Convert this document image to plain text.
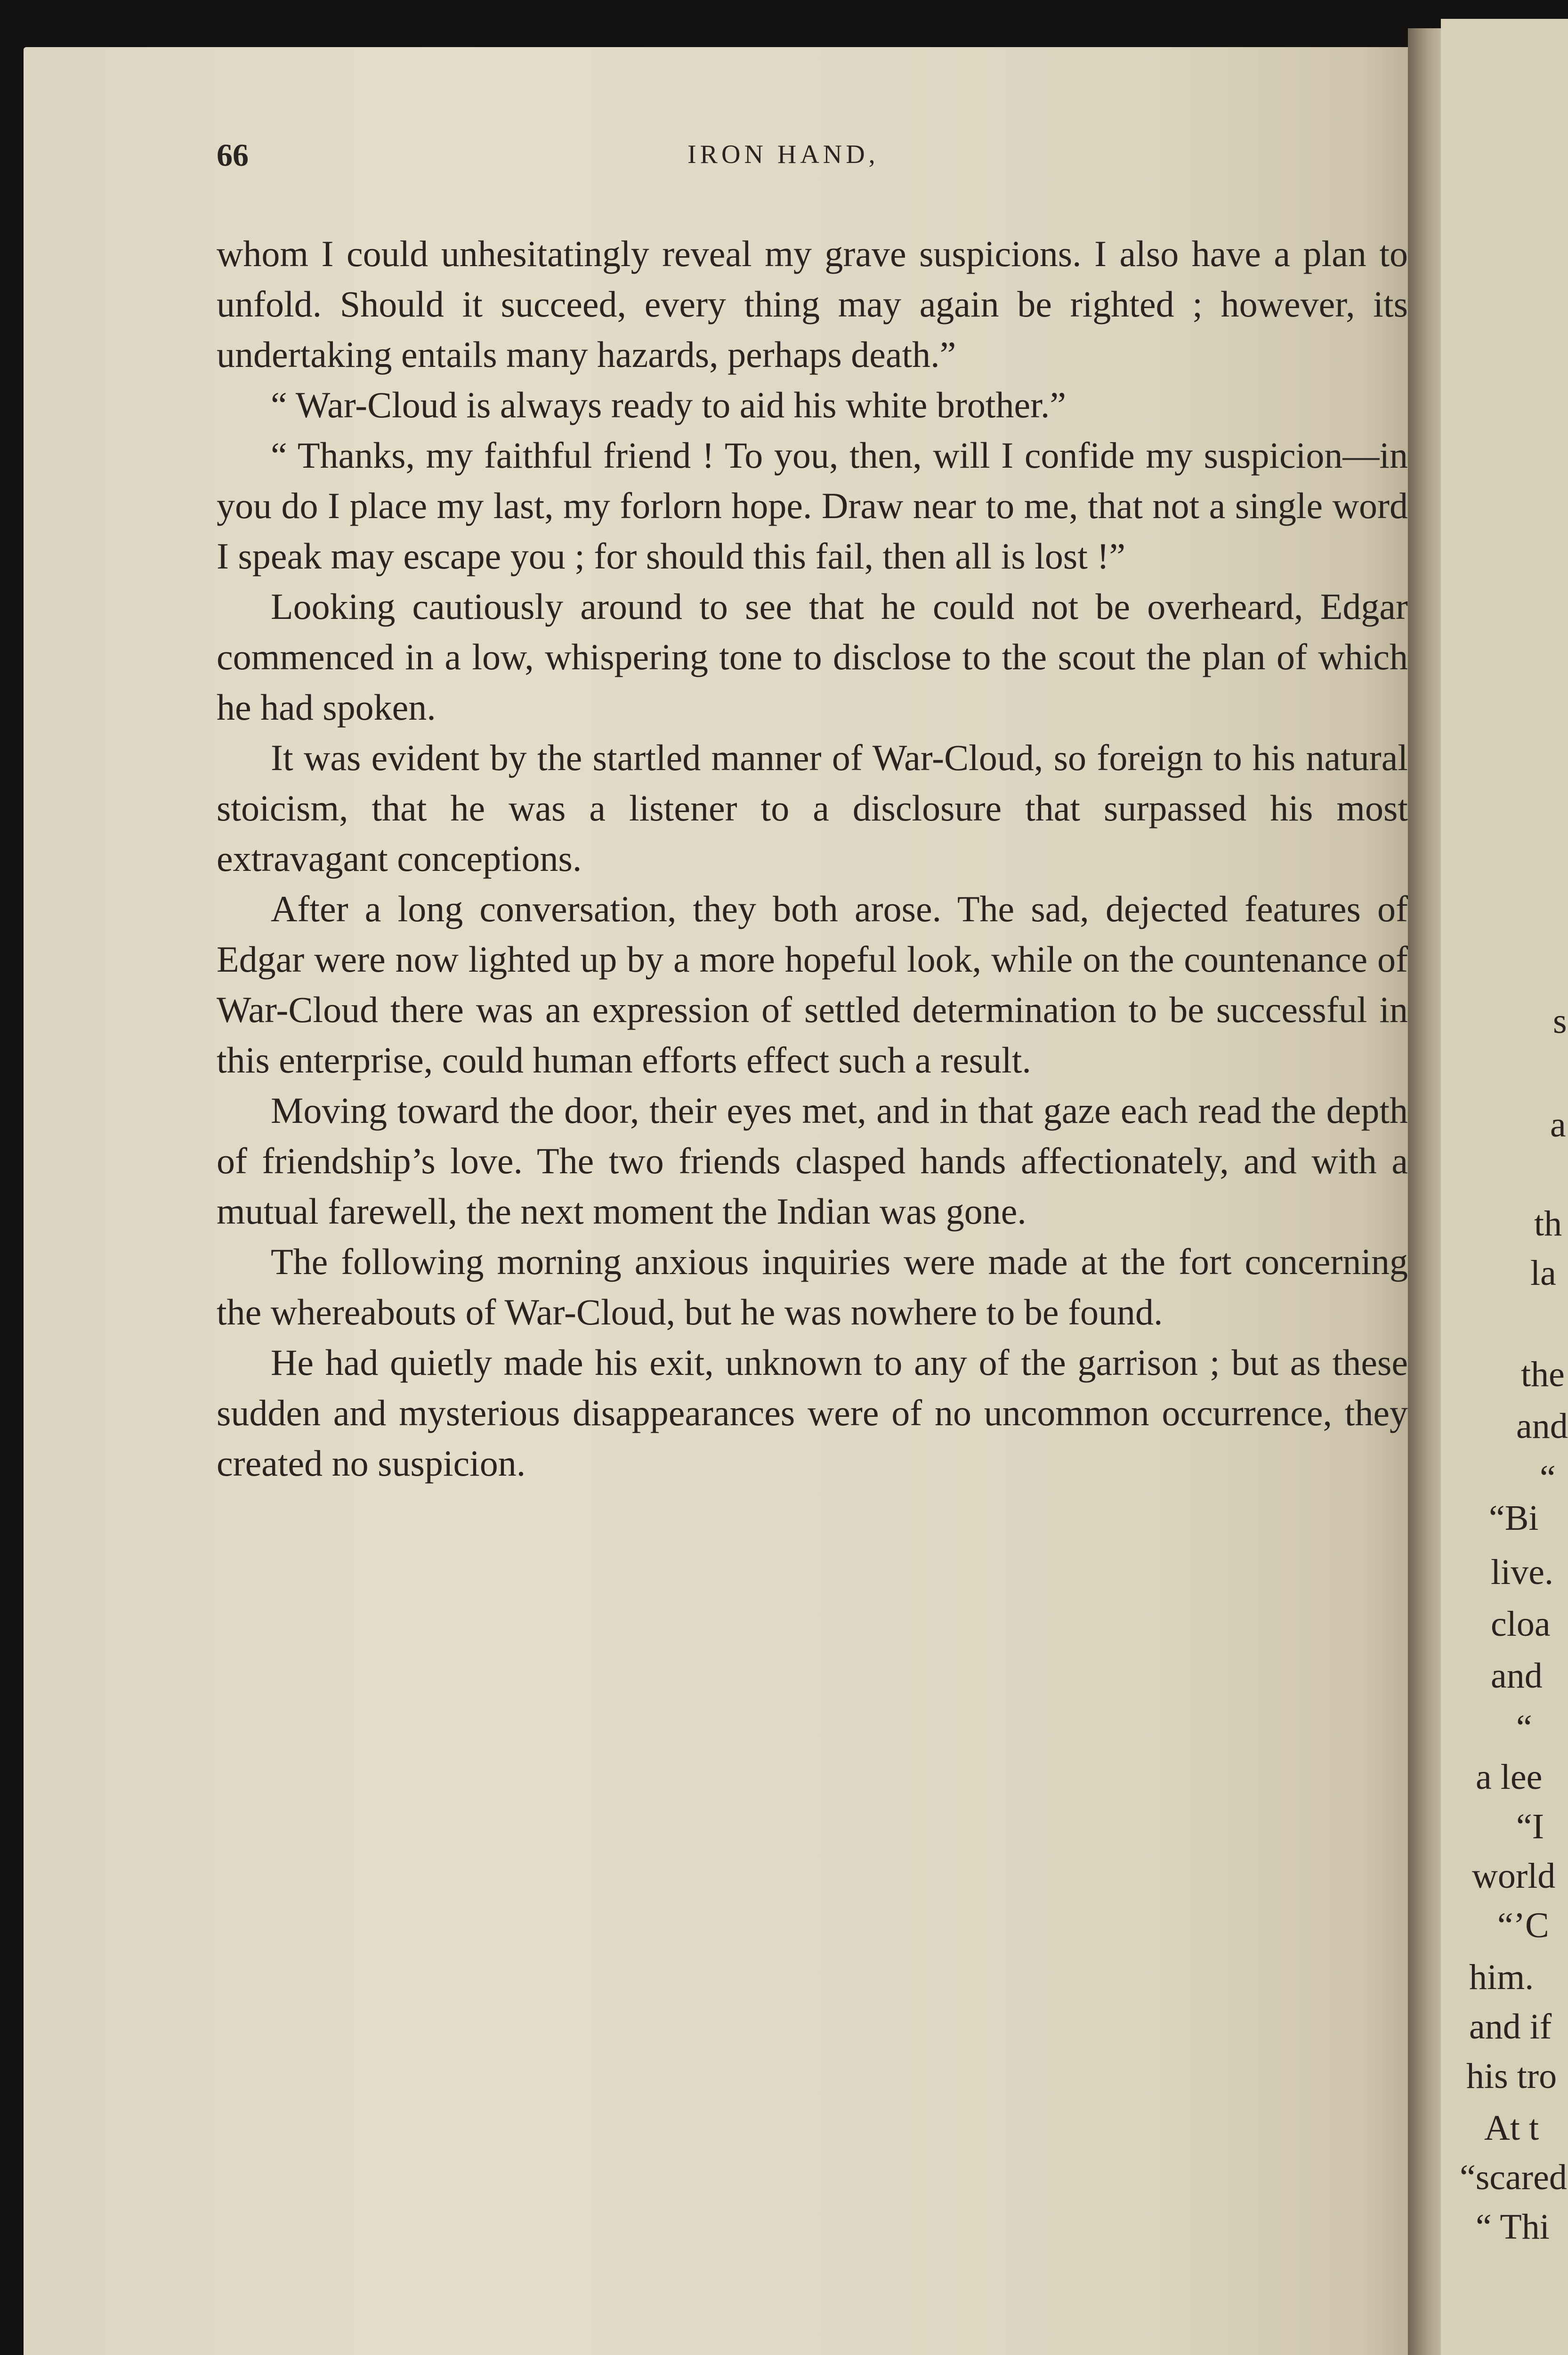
66	IRON HAND,

whom I could unhesitatingly reveal my grave suspicions. I also have a plan to unfold. Should it succeed, every thing may again be righted ; however, its undertaking entails many hazards, perhaps death.”

“ War-Cloud is always ready to aid his white brother.”

“ Thanks, my faithful friend ! To you, then, will I confide my suspicion—in you do I place my last, my forlorn hope. Draw near to me, that not a single word I speak may escape you ; for should this fail, then all is lost !”

Looking cautiously around to see that he could not be overheard, Edgar commenced in a low, whispering tone to disclose to the scout the plan of which he had spoken.

It was evident by the startled manner of War-Cloud, so foreign to his natural stoicism, that he was a listener to a disclosure that surpassed his most extravagant conceptions.

After a long conversation, they both arose. The sad, dejected features of Edgar were now lighted up by a more hopeful look, while on the countenance of War-Cloud there was an expression of settled determination to be successful in this enterprise, could human efforts effect such a result.

Moving toward the door, their eyes met, and in that gaze each read the depth of friendship’s love. The two friends clasped hands affectionately, and with a mutual farewell, the next moment the Indian was gone.

The following morning anxious inquiries were made at the fort concerning the whereabouts of War-Cloud, but he was nowhere to be found.

He had quietly made his exit, unknown to any of the garrison ; but as these sudden and mysterious disappearances were of no uncommon occurrence, they created no suspicion.

s
a
th
la
the
and
“
“Bi
live.
cloa
and
“
a lee
“I
world
“’C
him.
and if
his tro
At t
“scared
“ Thi
